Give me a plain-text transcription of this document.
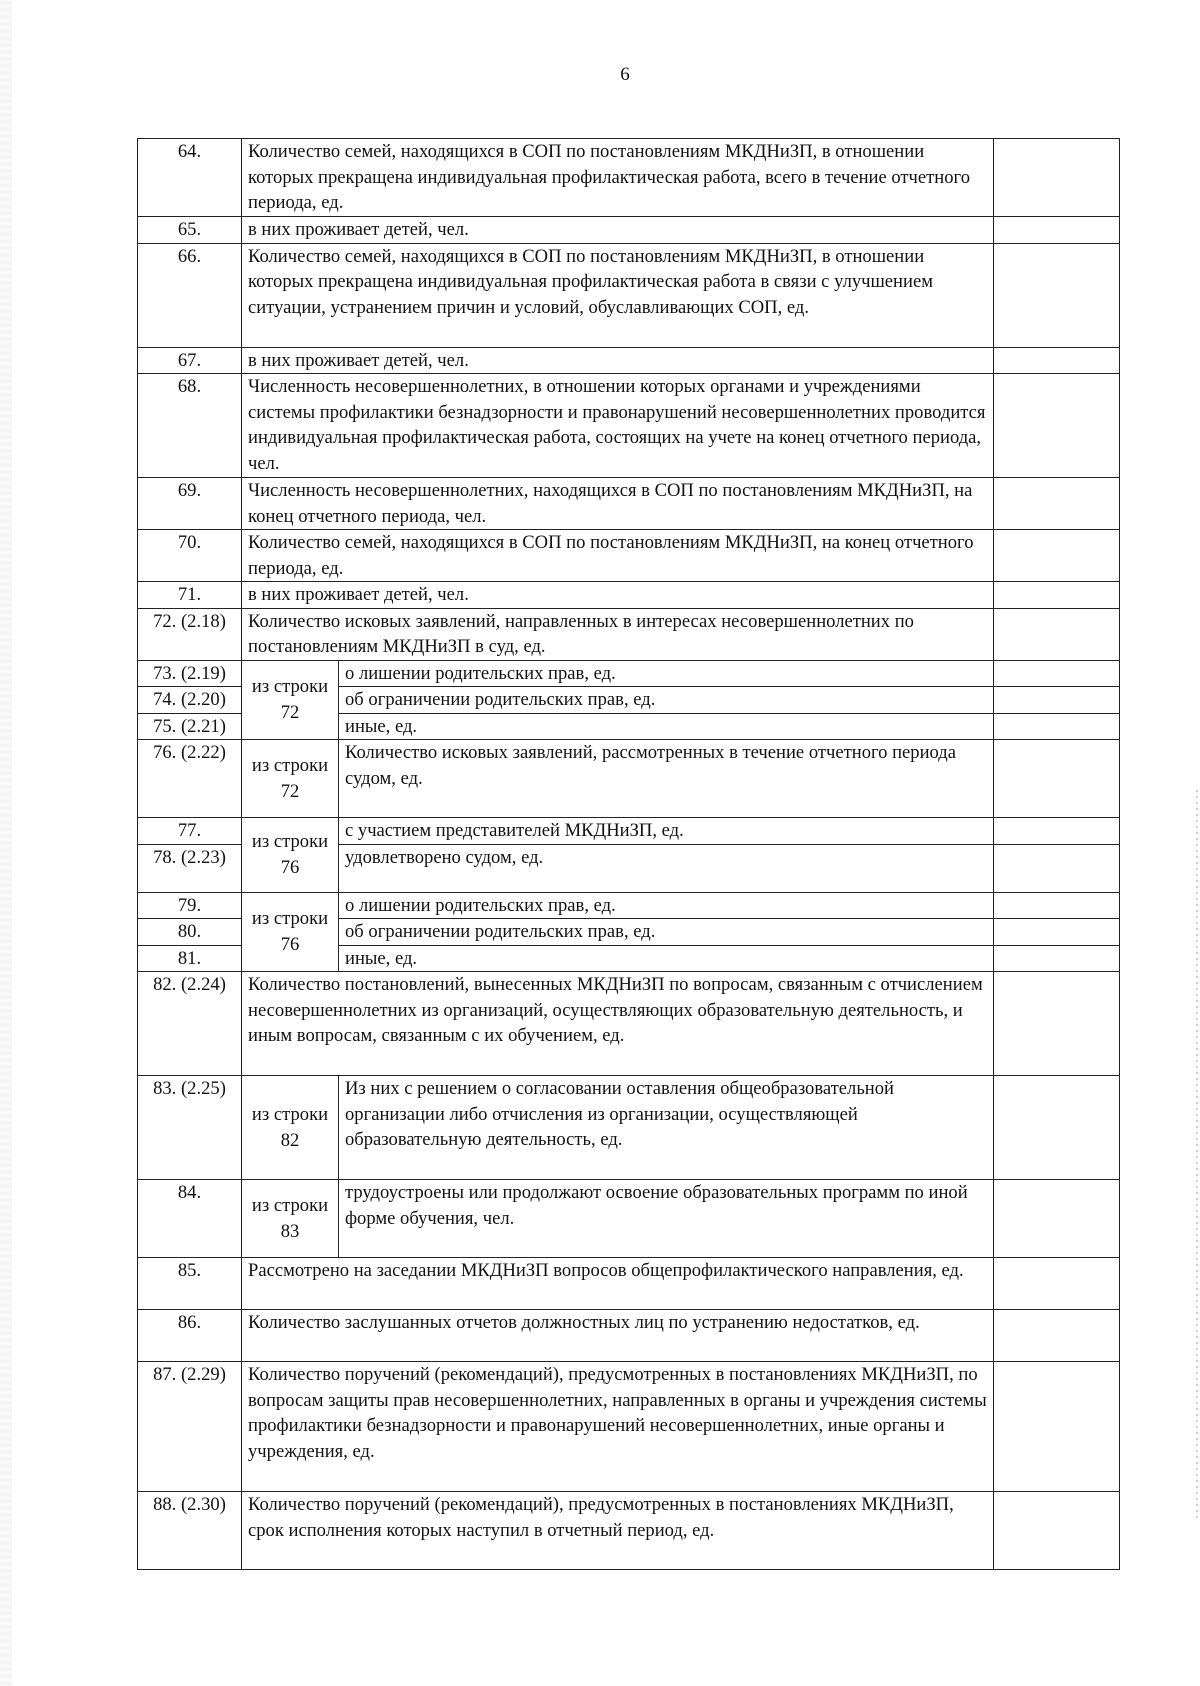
6
64.	Количество семей, находящихся в СОП по постановлениям МКДНиЗП, в отношении которых прекращена индивидуальная профилактическая работа, всего в течение отчетного периода, ед.		
65.	в них проживает детей, чел.		
66.	Количество семей, находящихся в СОП по постановлениям МКДНиЗП, в отношении которых прекращена индивидуальная профилактическая работа в связи с улучшением ситуации, устранением причин и условий, обуславливающих СОП, ед.		
67.	в них проживает детей, чел.		
68.	Численность несовершеннолетних, в отношении которых органами и учреждениями системы профилактики безнадзорности и правонарушений несовершеннолетних проводится индивидуальная профилактическая работа, состоящих на учете на конец отчетного периода, чел.		
69.	Численность несовершеннолетних, находящихся в СОП по постановлениям МКДНиЗП, на конец отчетного периода, чел.		
70.	Количество семей, находящихся в СОП по постановлениям МКДНиЗП, на конец отчетного периода, ед.		
71.	в них проживает детей, чел.		
72. (2.18)	Количество исковых заявлений, направленных в интересах несовершеннолетних по постановлениям МКДНиЗП в суд, ед.		
73. (2.19)	из строки 72	о лишении родительских прав, ед.	
74. (2.20)		об ограничении родительских прав, ед.	
75. (2.21)		иные, ед.	
76. (2.22)	из строки 72	Количество исковых заявлений, рассмотренных в течение отчетного периода судом, ед.	
77.	из строки 76	с участием представителей МКДНиЗП, ед.	
78. (2.23)		удовлетворено судом, ед.	
79.	из строки 76	о лишении родительских прав, ед.	
80.		об ограничении родительских прав, ед.	
81.		иные, ед.	
82. (2.24)	Количество постановлений, вынесенных МКДНиЗП по вопросам, связанным с отчислением несовершеннолетних из организаций, осуществляющих образовательную деятельность, и иным вопросам, связанным с их обучением, ед.		
83. (2.25)	из строки 82	Из них с решением о согласовании оставления общеобразовательной организации либо отчисления из организации, осуществляющей образовательную деятельность, ед.	
84.	из строки 83	трудоустроены или продолжают освоение образовательных программ по иной форме обучения, чел.	
85.	Рассмотрено на заседании МКДНиЗП вопросов общепрофилактического направления, ед.		
86.	Количество заслушанных отчетов должностных лиц по устранению недостатков, ед.		
87. (2.29)	Количество поручений (рекомендаций), предусмотренных в постановлениях МКДНиЗП, по вопросам защиты прав несовершеннолетних, направленных в органы и учреждения системы профилактики безнадзорности и правонарушений несовершеннолетних, иные органы и учреждения, ед.		
88. (2.30)	Количество поручений (рекомендаций), предусмотренных в постановлениях МКДНиЗП, срок исполнения которых наступил в отчетный период, ед.		
